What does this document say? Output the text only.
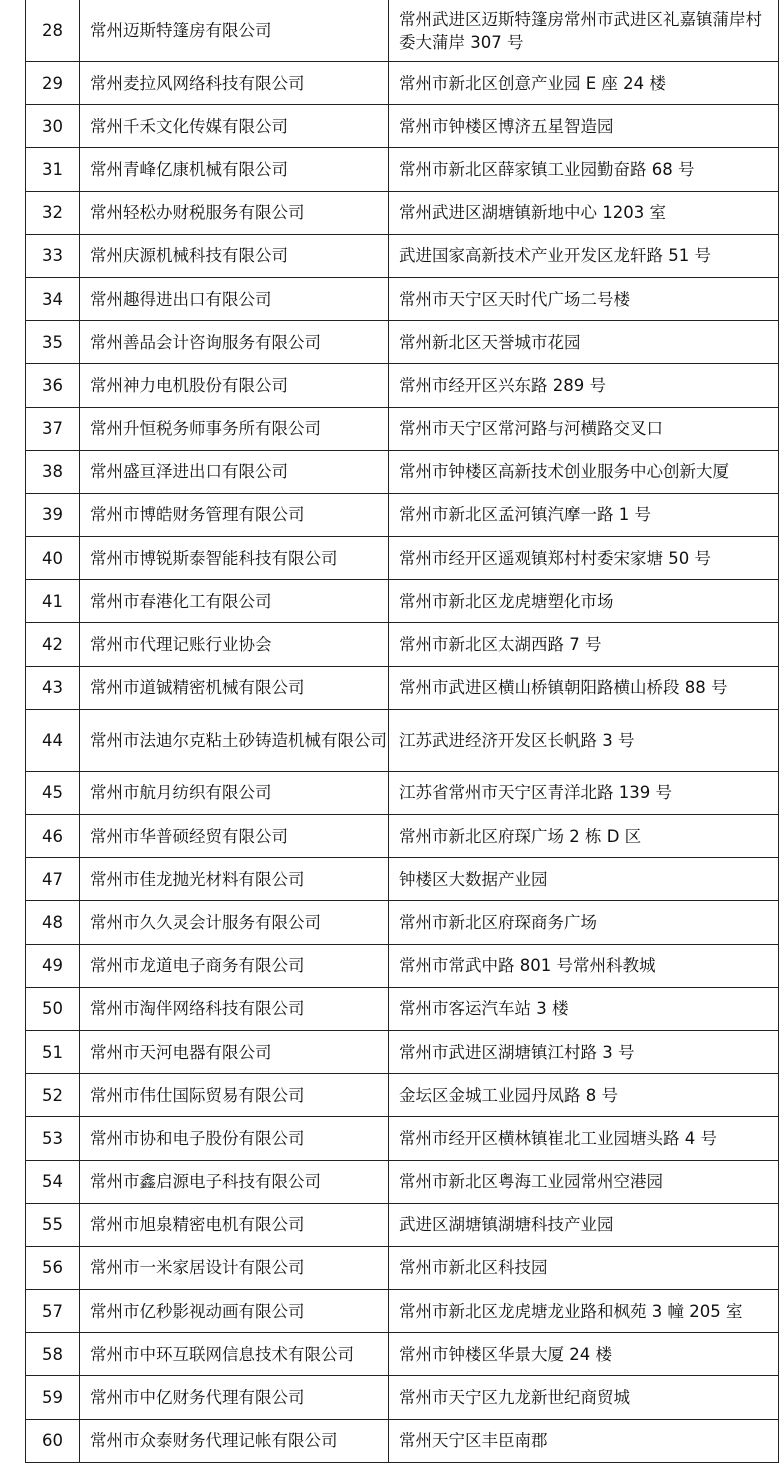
28	常州迈斯特篷房有限公司	常州武进区迈斯特篷房常州市武进区礼嘉镇蒲岸村委大蒲岸 307 号
29	常州麦拉风网络科技有限公司	常州市新北区创意产业园 E 座 24 楼
30	常州千禾文化传媒有限公司	常州市钟楼区博济五星智造园
31	常州青峰亿康机械有限公司	常州市新北区薛家镇工业园勤奋路 68 号
32	常州轻松办财税服务有限公司	常州武进区湖塘镇新地中心 1203 室
33	常州庆源机械科技有限公司	武进国家高新技术产业开发区龙轩路 51 号
34	常州趣得进出口有限公司	常州市天宁区天时代广场二号楼
35	常州善品会计咨询服务有限公司	常州新北区天誉城市花园
36	常州神力电机股份有限公司	常州市经开区兴东路 289 号
37	常州升恒税务师事务所有限公司	常州市天宁区常河路与河横路交叉口
38	常州盛亘泽进出口有限公司	常州市钟楼区高新技术创业服务中心创新大厦
39	常州市博皓财务管理有限公司	常州市新北区孟河镇汽摩一路 1 号
40	常州市博锐斯泰智能科技有限公司	常州市经开区遥观镇郑村村委宋家塘 50 号
41	常州市春港化工有限公司	常州市新北区龙虎塘塑化市场
42	常州市代理记账行业协会	常州市新北区太湖西路 7 号
43	常州市道铖精密机械有限公司	常州市武进区横山桥镇朝阳路横山桥段 88 号
44	常州市法迪尔克粘土砂铸造机械有限公司	江苏武进经济开发区长帆路 3 号
45	常州市航月纺织有限公司	江苏省常州市天宁区青洋北路 139 号
46	常州市华普硕经贸有限公司	常州市新北区府琛广场 2 栋 D 区
47	常州市佳龙抛光材料有限公司	钟楼区大数据产业园
48	常州市久久灵会计服务有限公司	常州市新北区府琛商务广场
49	常州市龙道电子商务有限公司	常州市常武中路 801 号常州科教城
50	常州市淘伴网络科技有限公司	常州市客运汽车站 3 楼
51	常州市天河电器有限公司	常州市武进区湖塘镇江村路 3 号
52	常州市伟仕国际贸易有限公司	金坛区金城工业园丹凤路 8 号
53	常州市协和电子股份有限公司	常州市经开区横林镇崔北工业园塘头路 4 号
54	常州市鑫启源电子科技有限公司	常州市新北区粤海工业园常州空港园
55	常州市旭泉精密电机有限公司	武进区湖塘镇湖塘科技产业园
56	常州市一米家居设计有限公司	常州市新北区科技园
57	常州市亿秒影视动画有限公司	常州市新北区龙虎塘龙业路和枫苑 3 幢 205 室
58	常州市中环互联网信息技术有限公司	常州市钟楼区华景大厦 24 楼
59	常州市中亿财务代理有限公司	常州市天宁区九龙新世纪商贸城
60	常州市众泰财务代理记帐有限公司	常州天宁区丰臣南郡
